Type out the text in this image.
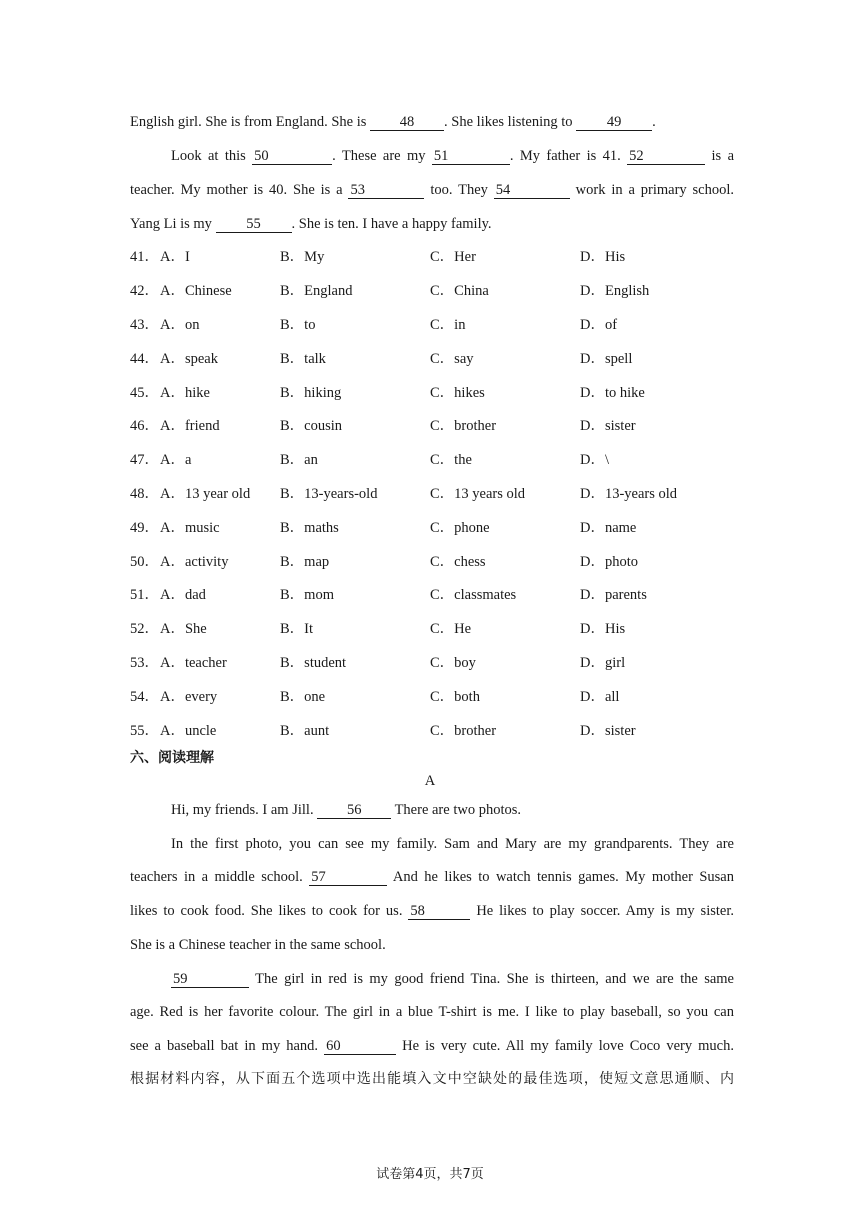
English girl. She is from England. She is 48 . She likes listening to 49 .
Look at this 50	. These are my 51	. My father is 41. 52	is a
teacher. My mother is 40. She is a 53	too. They 54	work in a primary school.
Yang Li is my 55 . She is ten. I have a happy family.
41． A．I	B．My	C．Her	D．His
42． A．Chinese	B．England	C．China	D．English
43． A．on	B．to	C．in	D．of
44． A．speak	B．talk	C．say	D．spell
45． A．hike	B．hiking	C．hikes	D．to hike
46． A．friend	B．cousin	C．brother	D．sister
47． A．a	B．an	C．the	D．\
48． A．13 year old B．13-years-old	C．13 years old	D．13-years old
49． A．music	B．maths	C．phone	D．name
50． A．activity	B．map	C．chess	D．photo
51． A．dad	B．mom	C．classmates	D．parents
52． A．She	B．It	C．He	D．His
53． A．teacher	B．student	C．boy	D．girl
54． A．every	B．one	C．both	D．all
55． A．uncle	B．aunt	C．brother	D．sister
六、阅读理解
A
Hi, my friends. I am Jill. 56 There are two photos.
In the first photo, you can see my family. Sam and Mary are my grandparents. They are
teachers in a middle school. 57	And he likes to watch tennis games. My mother Susan
likes to cook food. She likes to cook for us. 58	He likes to play soccer. Amy is my sister.
She is a Chinese teacher in the same school.
59	The girl in red is my good friend Tina. She is thirteen, and we are the same
age. Red is her favorite colour. The girl in a blue T-shirt is me. I like to play baseball, so you can
see a baseball bat in my hand. 60	He is very cute. All my family love Coco very much.
根据材料内容，从下面五个选项中选出能填入文中空缺处的最佳选项，使短文意思通顺、内
试卷第4页，共7页
